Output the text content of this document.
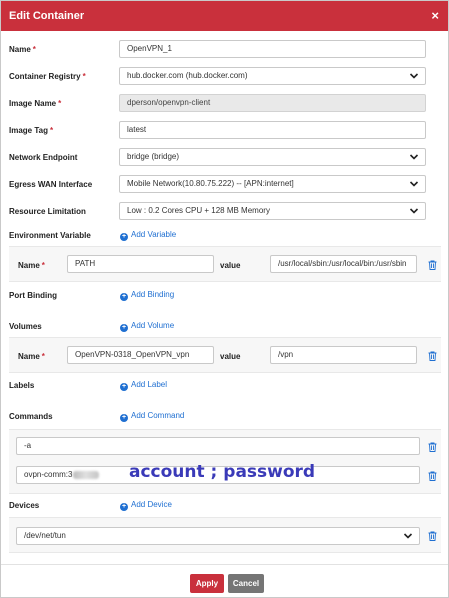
Edit Container	×
Name *	OpenVPN_1
Container Registry *	hub.docker.com (hub.docker.com)
Image Name *	dperson/openvpn-client
Image Tag *	latest
Network Endpoint	bridge (bridge)
Egress WAN Interface	Mobile Network(10.80.75.222) -- [APN:internet]
Resource Limitation	Low : 0.2 Cores CPU + 128 MB Memory
Environment Variable	+ Add Variable
Name *	PATH	value	/usr/local/sbin:/usr/local/bin:/usr/sbin
Port Binding	+ Add Binding
Volumes	+ Add Volume
Name *	OpenVPN-0318_OpenVPN_vpn	value	/vpn
Labels	+ Add Label
Commands	+ Add Command
-a
ovpn-comm:3	account ; password
Devices	+ Add Device
/dev/net/tun
Apply	Cancel
